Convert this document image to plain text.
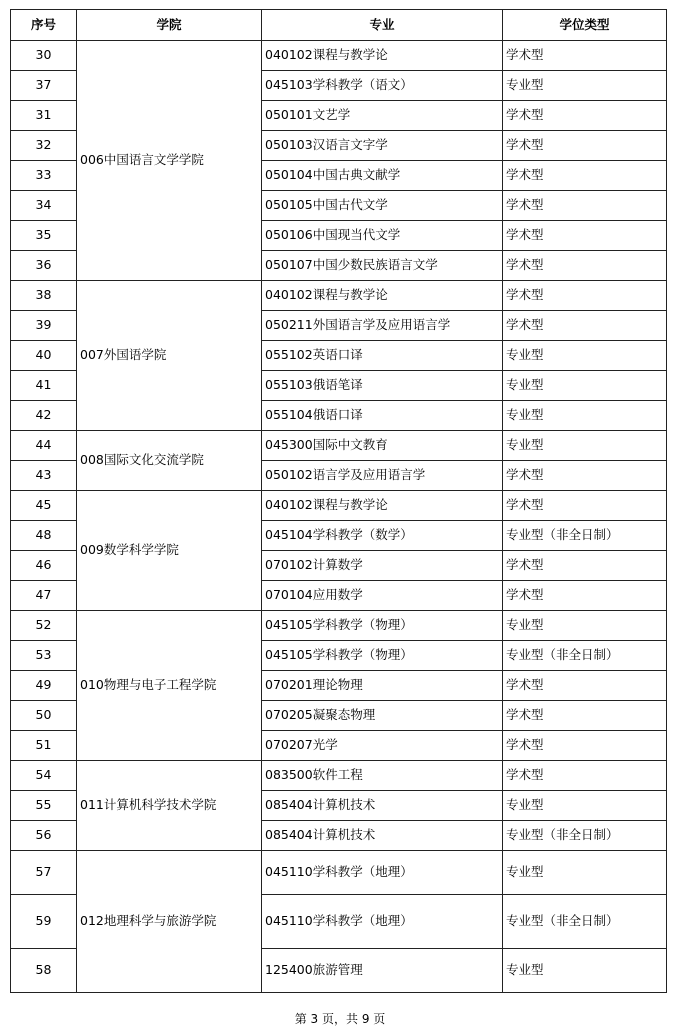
序号	学院	专业	学位类型
30	006中国语言文学学院	040102课程与教学论	学术型
37		045103学科教学（语文）	专业型
31		050101文艺学	学术型
32		050103汉语言文字学	学术型
33		050104中国古典文献学	学术型
34		050105中国古代文学	学术型
35		050106中国现当代文学	学术型
36		050107中国少数民族语言文学	学术型
38	007外国语学院	040102课程与教学论	学术型
39		050211外国语言学及应用语言学	学术型
40		055102英语口译	专业型
41		055103俄语笔译	专业型
42		055104俄语口译	专业型
44	008国际文化交流学院	045300国际中文教育	专业型
43		050102语言学及应用语言学	学术型
45	009数学科学学院	040102课程与教学论	学术型
48		045104学科教学（数学）	专业型（非全日制）
46		070102计算数学	学术型
47		070104应用数学	学术型
52	010物理与电子工程学院	045105学科教学（物理）	专业型
53		045105学科教学（物理）	专业型（非全日制）
49		070201理论物理	学术型
50		070205凝聚态物理	学术型
51		070207光学	学术型
54	011计算机科学技术学院	083500软件工程	学术型
55		085404计算机技术	专业型
56		085404计算机技术	专业型（非全日制）
57	012地理科学与旅游学院	045110学科教学（地理）	专业型
59		045110学科教学（地理）	专业型（非全日制）
58		125400旅游管理	专业型
第 3 页，共 9 页
